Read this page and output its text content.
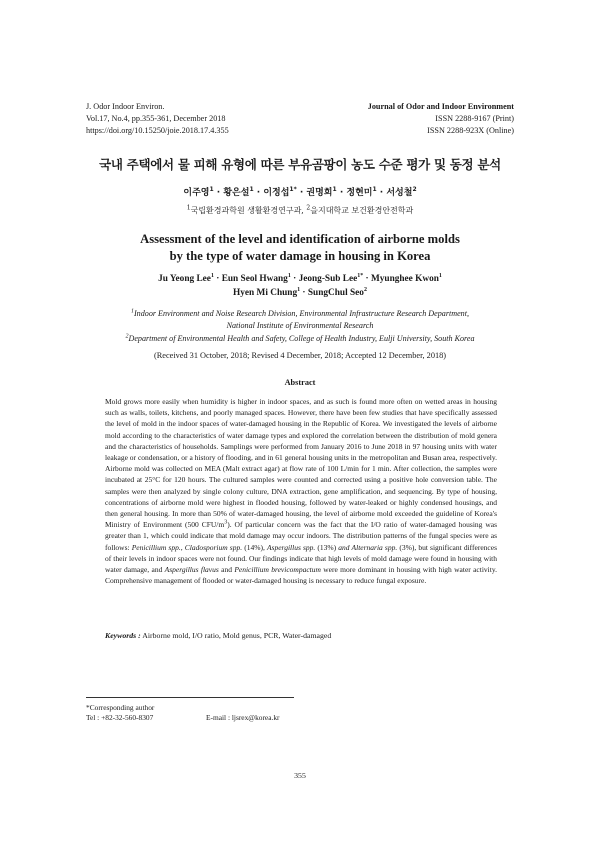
J. Odor Indoor Environ.
Vol.17, No.4, pp.355-361, December 2018
https://doi.org/10.15250/joie.2018.17.4.355
Journal of Odor and Indoor Environment
ISSN 2288-9167 (Print)
ISSN 2288-923X (Online)
국내 주택에서 물 피해 유형에 따른 부유곰팡이 농도 수준 평가 및 동정 분석
이주영$^1$ · 황은설$^1$ · 이정섭$^{1*}$ · 권명희$^1$ · 정현미$^1$ · 서성철$^2$
$^1$국립환경과학원 생활환경연구과, $^2$을지대학교 보건환경안전학과
Assessment of the level and identification of airborne molds
by the type of water damage in housing in Korea
Ju Yeong Lee$^1$ · Eun Seol Hwang$^1$ · Jeong-Sub Lee$^{1*}$ · Myunghee Kwon$^1$
Hyen Mi Chung$^1$ · SungChul Seo$^2$
$^1$Indoor Environment and Noise Research Division, Environmental Infrastructure Research Department,
National Institute of Environmental Research
$^2$Department of Environmental Health and Safety, College of Health Industry, Eulji University, South Korea
(Received 31 October, 2018; Revised 4 December, 2018; Accepted 12 December, 2018)
Abstract
Mold grows more easily when humidity is higher in indoor spaces, and as such is found more often on wetted areas in housing such as walls, toilets, kitchens, and poorly managed spaces. However, there have been few studies that have specifically assessed the level of mold in the indoor spaces of water-damaged housing in the Republic of Korea. We investigated the levels of airborne mold according to the characteristics of water damage types and explored the correlation between the distribution of mold genera and the characteristics of households. Samplings were performed from January 2016 to June 2018 in 97 housing units with water leakage or condensation, or a history of flooding, and in 61 general housing units in the metropolitan and Busan area, respectively. Airborne mold was collected on MEA (Malt extract agar) at flow rate of 100 L/min for 1 min. After collection, the samples were incubated at 25°C for 120 hours. The cultured samples were counted and corrected using a positive hole conversion table. The samples were then analyzed by single colony culture, DNA extraction, gene amplification, and sequencing. By type of housing, concentrations of airborne mold were highest in flooded housing, followed by water-leaked or highly condensed housings, and then general housing. In more than 50% of water-damaged housing, the level of airborne mold exceeded the guideline of Korea's Ministry of Environment (500 CFU/$m^3$). Of particular concern was the fact that the I/O ratio of water-damaged housing was greater than 1, which could indicate that mold damage may occur indoors. The distribution patterns of the fungal species were as follows: Penicillium spp., Cladosporium spp. (14%), Aspergillus spp. (13%) and Alternaria spp. (3%), but significant differences of their levels in indoor spaces were not found. Our findings indicate that high levels of mold damage were found in housing with water damage, and Aspergillus flavus and Penicillium brevicompactum were more dominant in housing with high water activity. Comprehensive management of flooded or water-damaged housing is necessary to reduce fungal exposure.
Keywords : Airborne mold, I/O ratio, Mold genus, PCR, Water-damaged
*Corresponding author
Tel : +82-32-560-8307	E-mail : ljsrex@korea.kr
355
